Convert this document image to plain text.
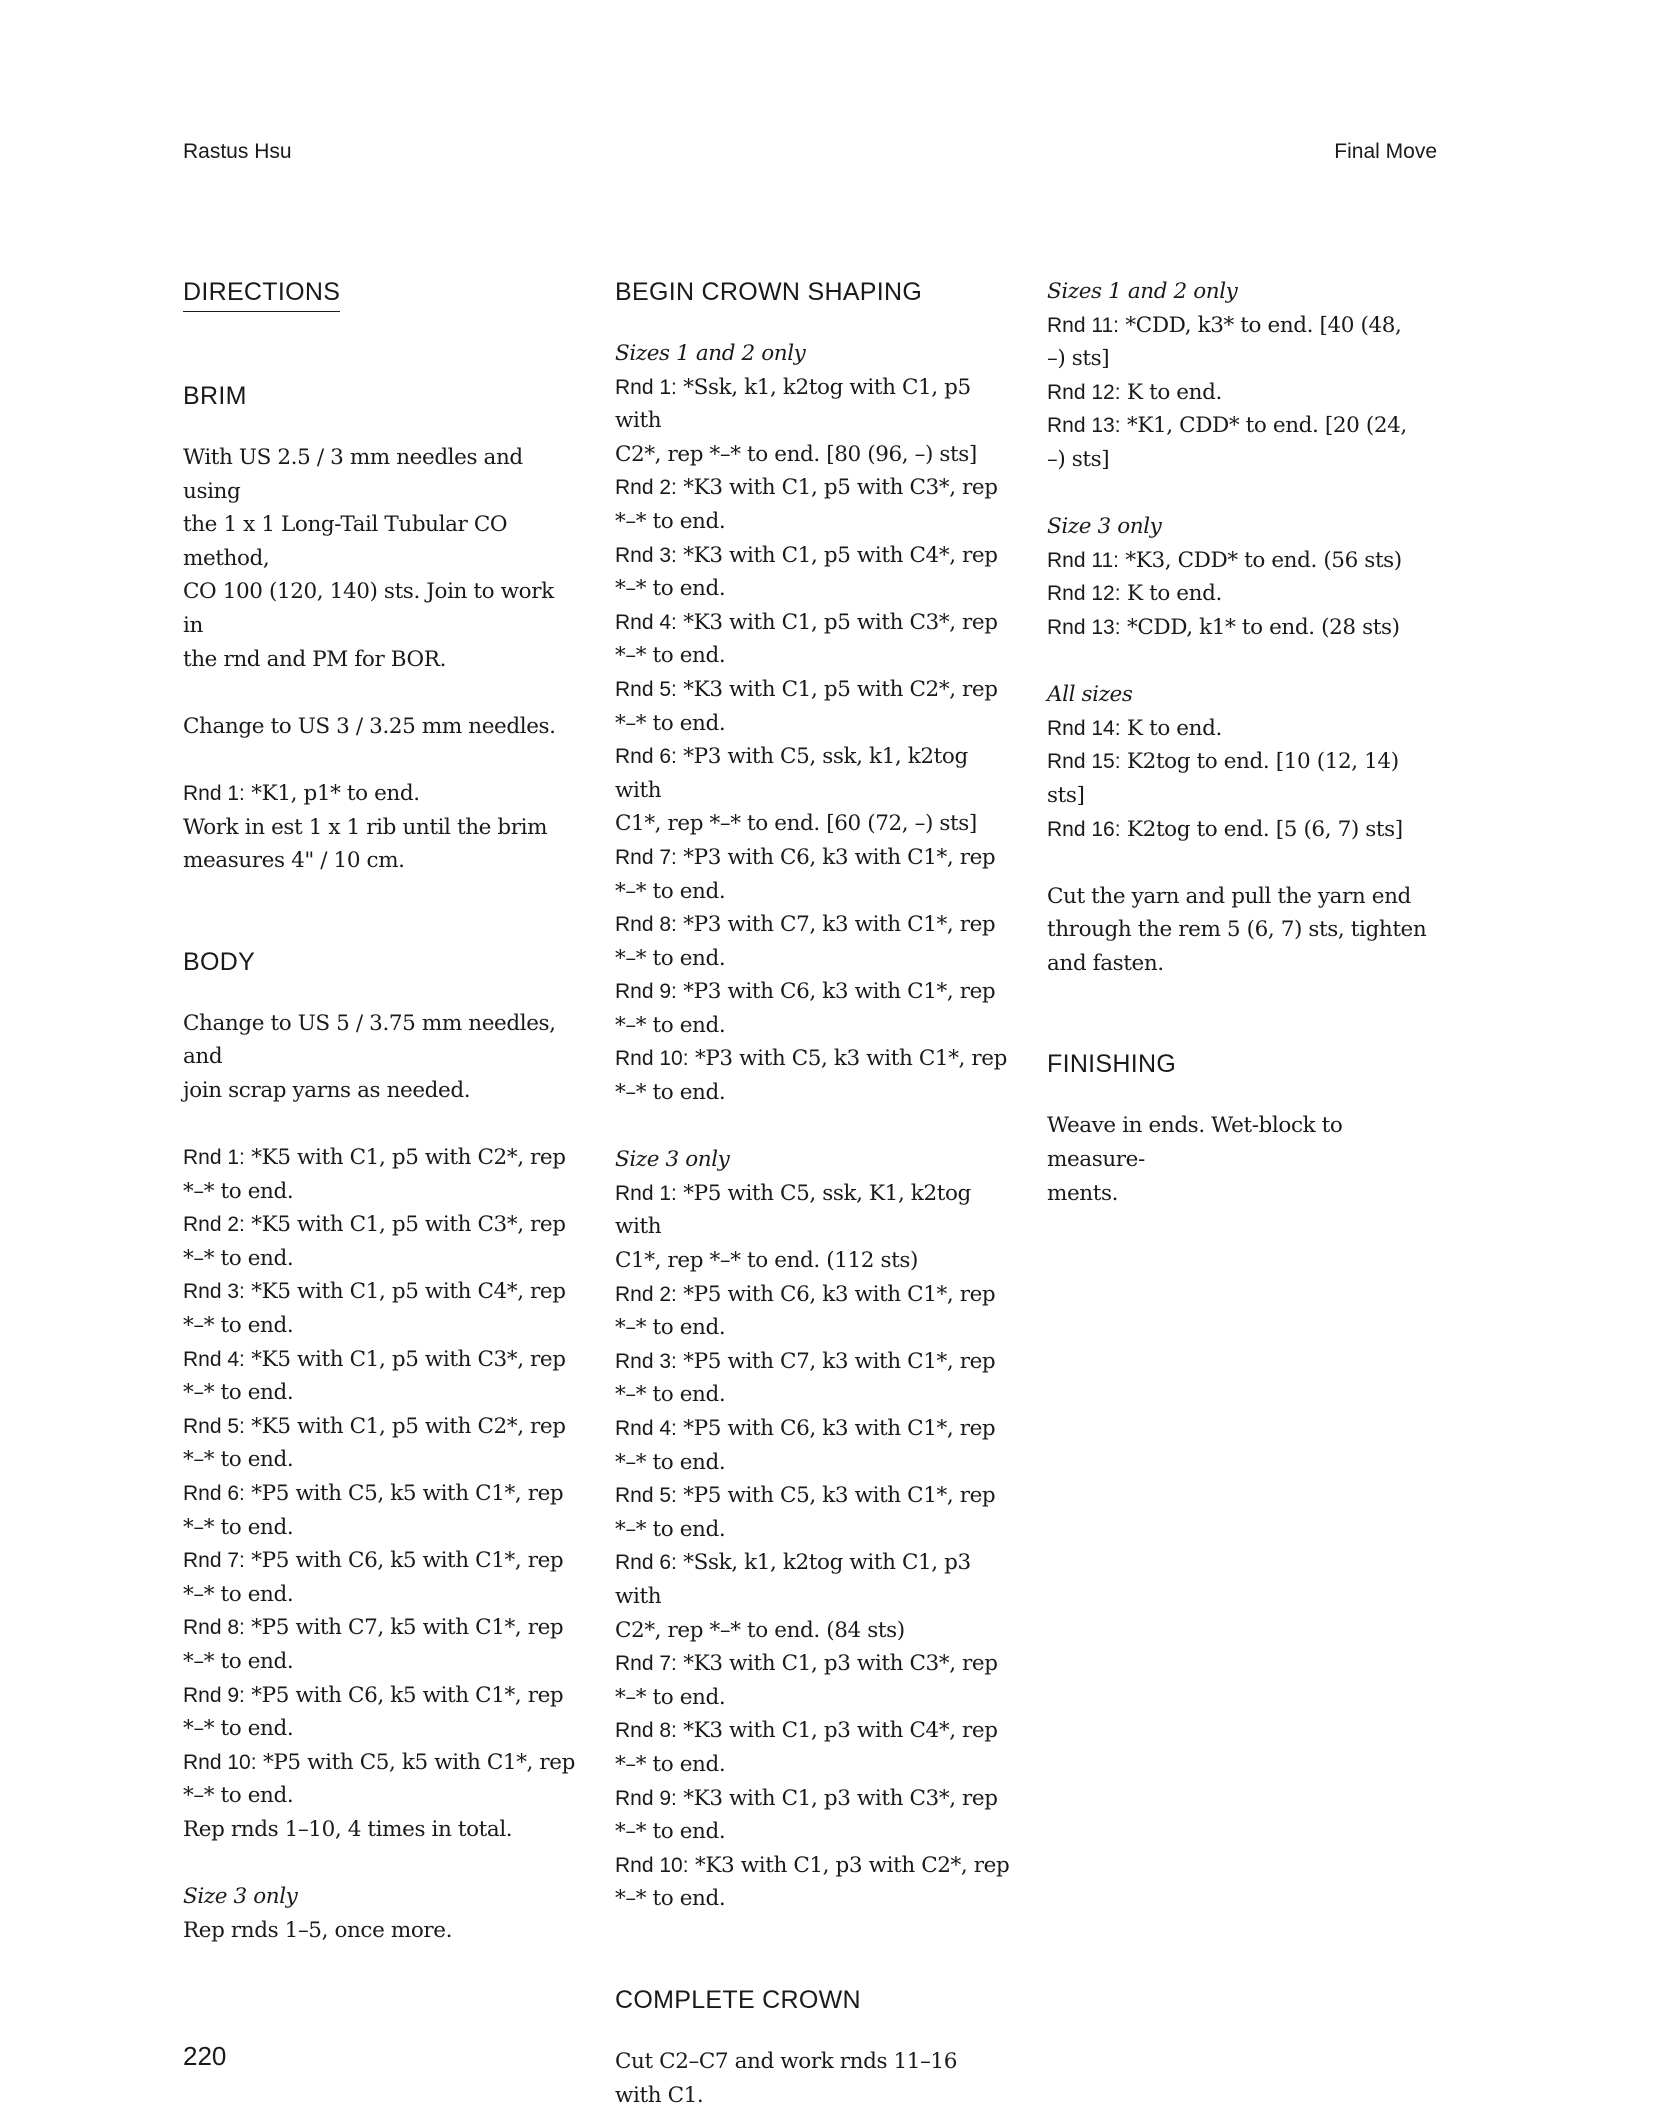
Rastus Hsu	Final Move
DIRECTIONS
BRIM

With US 2.5 / 3 mm needles and using

the 1 x 1 Long-Tail Tubular CO method,

CO 100 (120, 140) sts. Join to work in

the rnd and PM for BOR.

Change to US 3 / 3.25 mm needles.

Rnd 1: *K1, p1* to end.

Work in est 1 x 1 rib until the brim

measures 4" / 10 cm.

BODY

Change to US 5 / 3.75 mm needles, and

join scrap yarns as needed.

Rnd 1: *K5 with C1, p5 with C2*, rep

*–* to end.

Rnd 2: *K5 with C1, p5 with C3*, rep

*–* to end.

Rnd 3: *K5 with C1, p5 with C4*, rep

*–* to end.

Rnd 4: *K5 with C1, p5 with C3*, rep

*–* to end.

Rnd 5: *K5 with C1, p5 with C2*, rep

*–* to end.

Rnd 6: *P5 with C5, k5 with C1*, rep

*–* to end.

Rnd 7: *P5 with C6, k5 with C1*, rep

*–* to end.

Rnd 8: *P5 with C7, k5 with C1*, rep

*–* to end.

Rnd 9: *P5 with C6, k5 with C1*, rep

*–* to end.

Rnd 10: *P5 with C5, k5 with C1*, rep

*–* to end.

Rep rnds 1–10, 4 times in total.

Size 3 only

Rep rnds 1–5, once more.

BEGIN CROWN SHAPING

Sizes 1 and 2 only

Rnd 1: *Ssk, k1, k2tog with C1, p5 with

C2*, rep *–* to end. [80 (96, –) sts]

Rnd 2: *K3 with C1, p5 with C3*, rep

*–* to end.

Rnd 3: *K3 with C1, p5 with C4*, rep

*–* to end.

Rnd 4: *K3 with C1, p5 with C3*, rep

*–* to end.

Rnd 5: *K3 with C1, p5 with C2*, rep

*–* to end.

Rnd 6: *P3 with C5, ssk, k1, k2tog with

C1*, rep *–* to end. [60 (72, –) sts]

Rnd 7: *P3 with C6, k3 with C1*, rep

*–* to end.

Rnd 8: *P3 with C7, k3 with C1*, rep

*–* to end.

Rnd 9: *P3 with C6, k3 with C1*, rep

*–* to end.

Rnd 10: *P3 with C5, k3 with C1*, rep

*–* to end.

Size 3 only

Rnd 1: *P5 with C5, ssk, K1, k2tog with

C1*, rep *–* to end. (112 sts)

Rnd 2: *P5 with C6, k3 with C1*, rep

*–* to end.

Rnd 3: *P5 with C7, k3 with C1*, rep

*–* to end.

Rnd 4: *P5 with C6, k3 with C1*, rep

*–* to end.

Rnd 5: *P5 with C5, k3 with C1*, rep

*–* to end.

Rnd 6: *Ssk, k1, k2tog with C1, p3 with

C2*, rep *–* to end. (84 sts)

Rnd 7: *K3 with C1, p3 with C3*, rep

*–* to end.

Rnd 8: *K3 with C1, p3 with C4*, rep

*–* to end.

Rnd 9: *K3 with C1, p3 with C3*, rep

*–* to end.

Rnd 10: *K3 with C1, p3 with C2*, rep

*–* to end.

COMPLETE CROWN

Cut C2–C7 and work rnds 11–16

with C1.

Sizes 1 and 2 only

Rnd 11: *CDD, k3* to end. [40 (48,

–) sts]

Rnd 12: K to end.

Rnd 13: *K1, CDD* to end. [20 (24,

–) sts]

Size 3 only

Rnd 11: *K3, CDD* to end. (56 sts)

Rnd 12: K to end.

Rnd 13: *CDD, k1* to end. (28 sts)

All sizes

Rnd 14: K to end.

Rnd 15: K2tog to end. [10 (12, 14) sts]

Rnd 16: K2tog to end. [5 (6, 7) sts]

Cut the yarn and pull the yarn end

through the rem 5 (6, 7) sts, tighten

and fasten.

FINISHING

Weave in ends. Wet-block to measure-

ments.

220
